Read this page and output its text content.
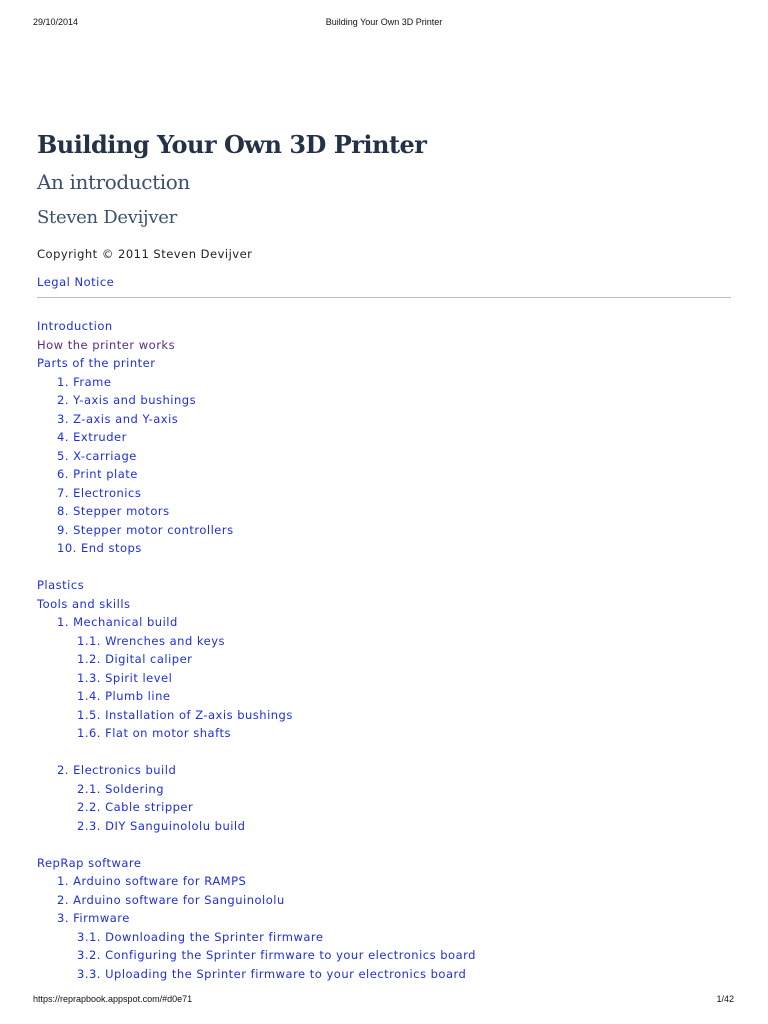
29/10/2014	Building Your Own 3D Printer
Building Your Own 3D Printer
An introduction
Steven Devijver
Copyright © 2011 Steven Devijver
Legal Notice
Introduction
How the printer works
Parts of the printer
1. Frame
2. Y-axis and bushings
3. Z-axis and Y-axis
4. Extruder
5. X-carriage
6. Print plate
7. Electronics
8. Stepper motors
9. Stepper motor controllers
10. End stops
Plastics
Tools and skills
1. Mechanical build
1.1. Wrenches and keys
1.2. Digital caliper
1.3. Spirit level
1.4. Plumb line
1.5. Installation of Z-axis bushings
1.6. Flat on motor shafts
2. Electronics build
2.1. Soldering
2.2. Cable stripper
2.3. DIY Sanguinololu build
RepRap software
1. Arduino software for RAMPS
2. Arduino software for Sanguinololu
3. Firmware
3.1. Downloading the Sprinter firmware
3.2. Configuring the Sprinter firmware to your electronics board
3.3. Uploading the Sprinter firmware to your electronics board
https://reprapbook.appspot.com/#d0e71	1/42
